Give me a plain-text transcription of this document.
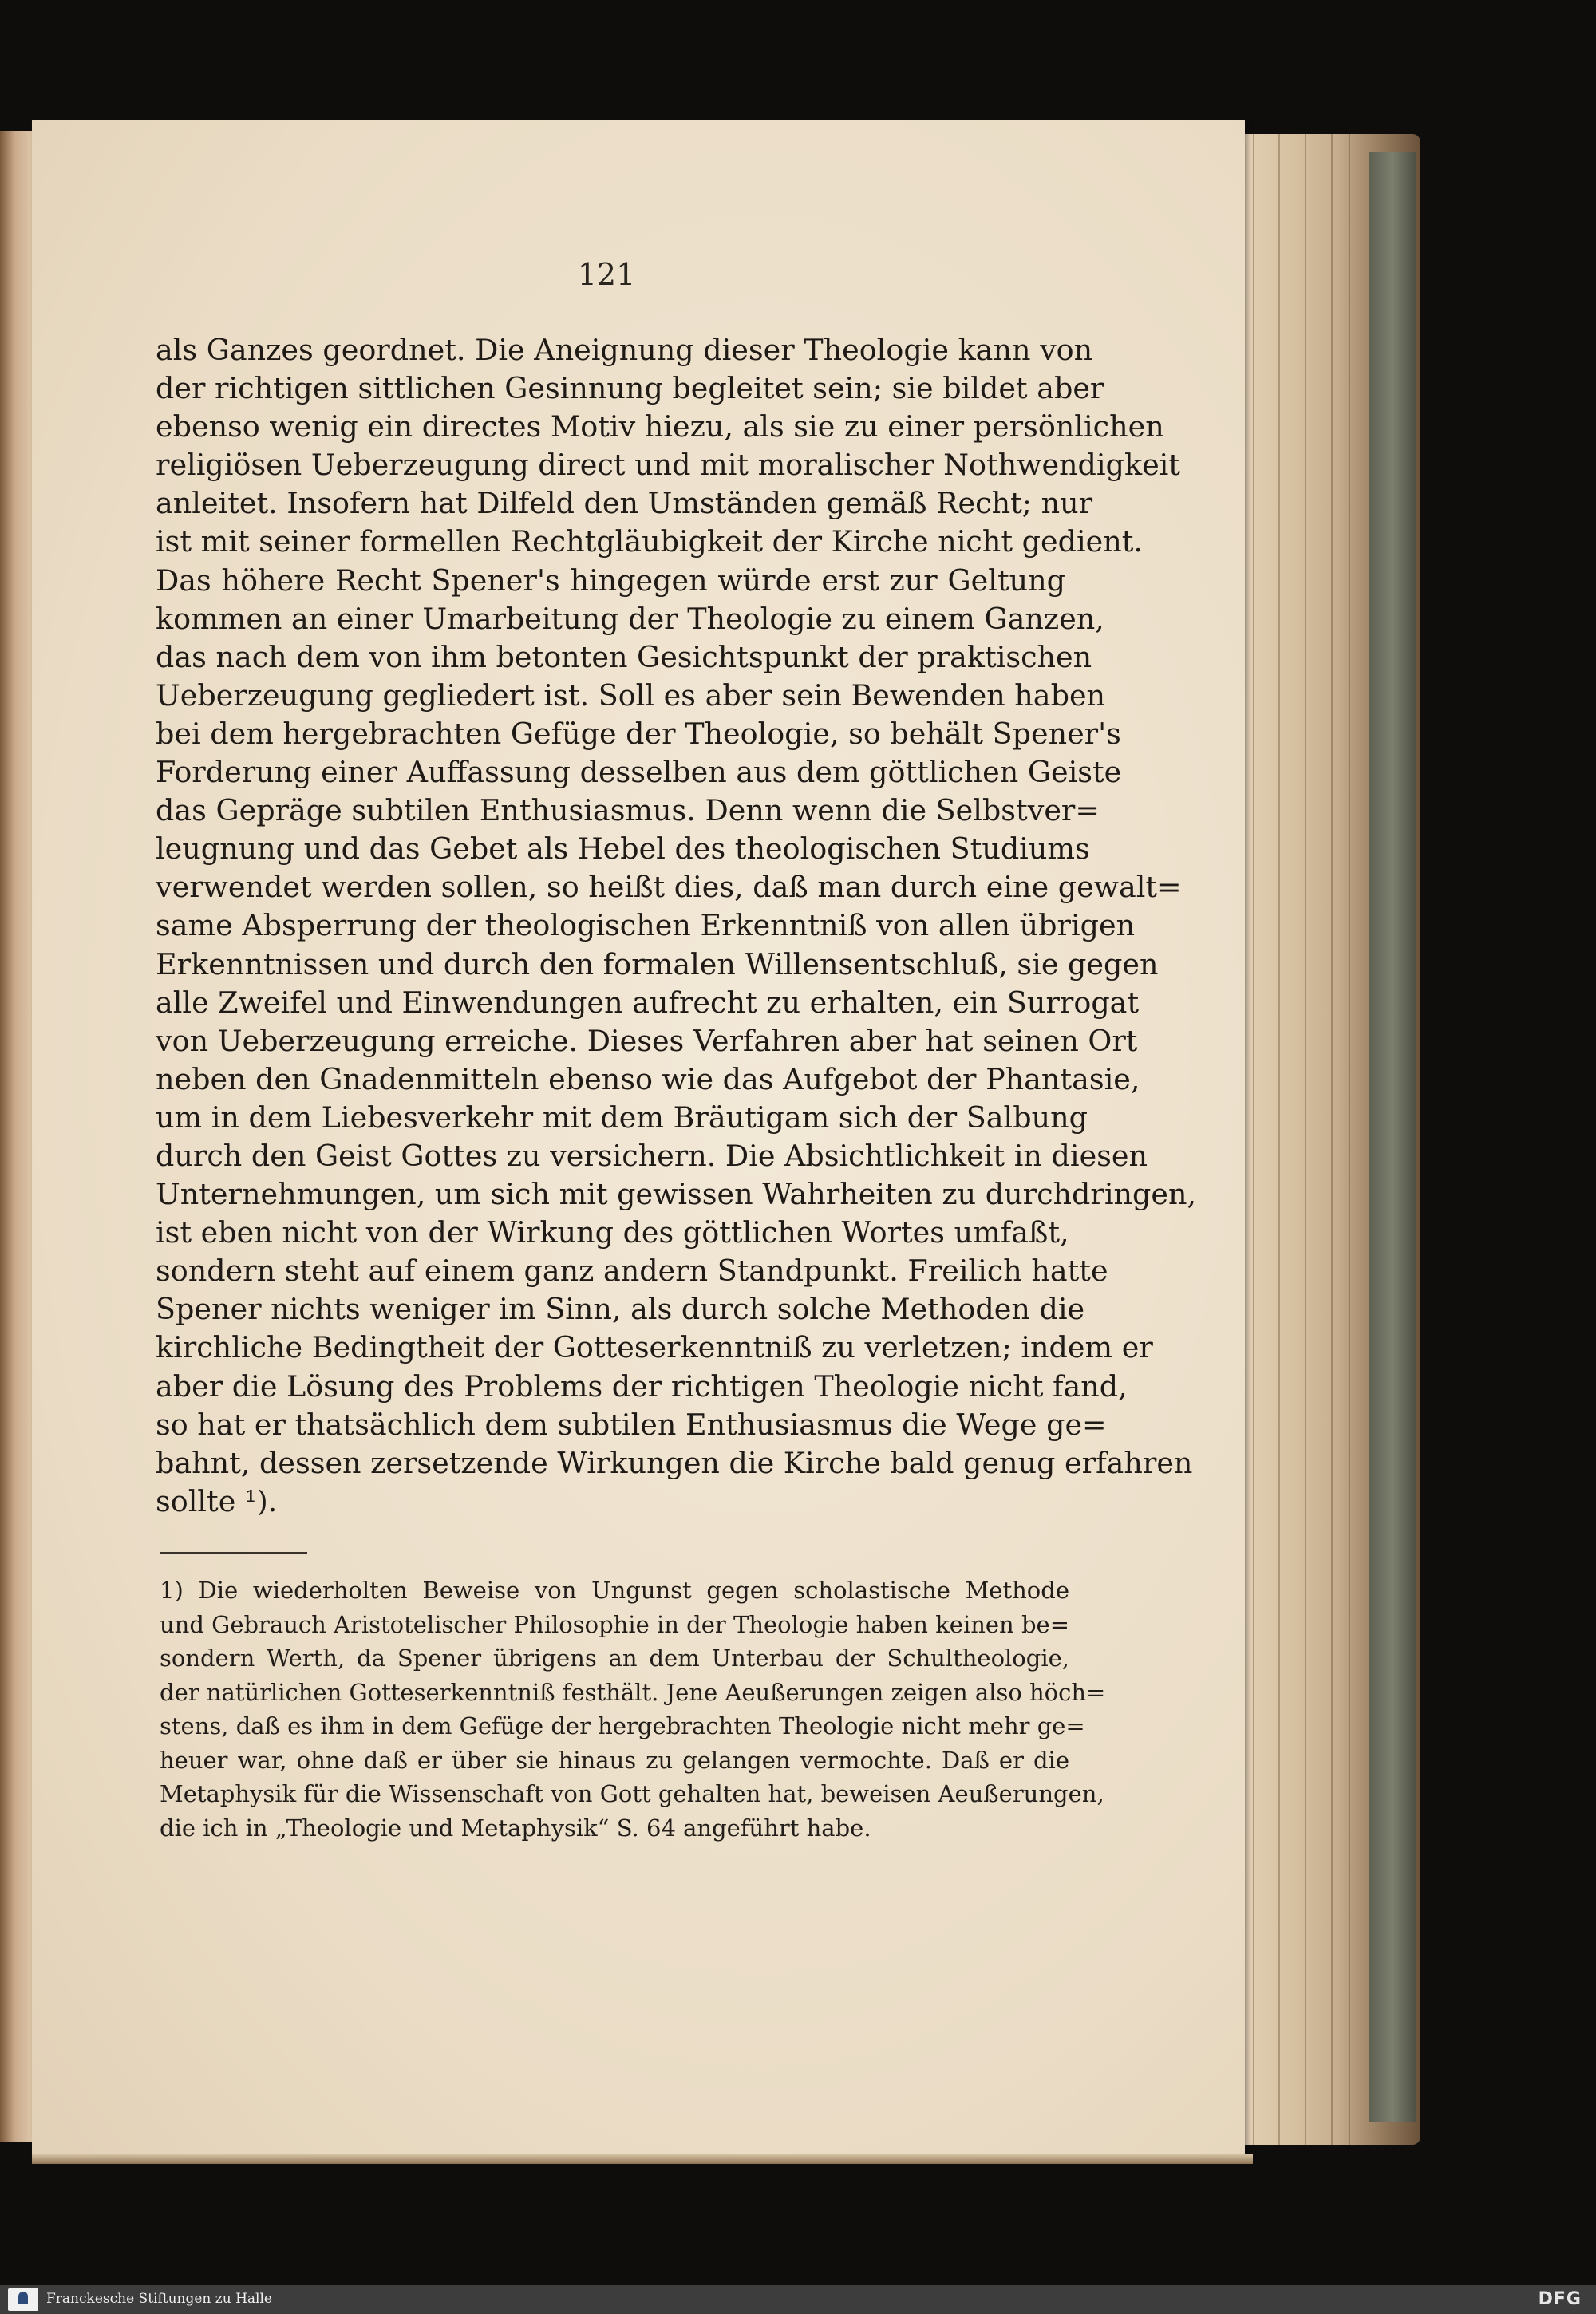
121
als Ganzes geordnet. Die Aneignung dieser Theologie kann von
der richtigen sittlichen Gesinnung begleitet sein; sie bildet aber
ebenso wenig ein directes Motiv hiezu, als sie zu einer persönlichen
religiösen Ueberzeugung direct und mit moralischer Nothwendigkeit
anleitet. Insofern hat Dilfeld den Umständen gemäß Recht; nur
ist mit seiner formellen Rechtgläubigkeit der Kirche nicht gedient.
Das höhere Recht Spener's hingegen würde erst zur Geltung
kommen an einer Umarbeitung der Theologie zu einem Ganzen,
das nach dem von ihm betonten Gesichtspunkt der praktischen
Ueberzeugung gegliedert ist. Soll es aber sein Bewenden haben
bei dem hergebrachten Gefüge der Theologie, so behält Spener's
Forderung einer Auffassung desselben aus dem göttlichen Geiste
das Gepräge subtilen Enthusiasmus. Denn wenn die Selbstver=
leugnung und das Gebet als Hebel des theologischen Studiums
verwendet werden sollen, so heißt dies, daß man durch eine gewalt=
same Absperrung der theologischen Erkenntniß von allen übrigen
Erkenntnissen und durch den formalen Willensentschluß, sie gegen
alle Zweifel und Einwendungen aufrecht zu erhalten, ein Surrogat
von Ueberzeugung erreiche. Dieses Verfahren aber hat seinen Ort
neben den Gnadenmitteln ebenso wie das Aufgebot der Phantasie,
um in dem Liebesverkehr mit dem Bräutigam sich der Salbung
durch den Geist Gottes zu versichern. Die Absichtlichkeit in diesen
Unternehmungen, um sich mit gewissen Wahrheiten zu durchdringen,
ist eben nicht von der Wirkung des göttlichen Wortes umfaßt,
sondern steht auf einem ganz andern Standpunkt. Freilich hatte
Spener nichts weniger im Sinn, als durch solche Methoden die
kirchliche Bedingtheit der Gotteserkenntniß zu verletzen; indem er
aber die Lösung des Problems der richtigen Theologie nicht fand,
so hat er thatsächlich dem subtilen Enthusiasmus die Wege ge=
bahnt, dessen zersetzende Wirkungen die Kirche bald genug erfahren
sollte ¹).
1) Die wiederholten Beweise von Ungunst gegen scholastische Methode
und Gebrauch Aristotelischer Philosophie in der Theologie haben keinen be=
sondern Werth, da Spener übrigens an dem Unterbau der Schultheologie,
der natürlichen Gotteserkenntniß festhält. Jene Aeußerungen zeigen also höch=
stens, daß es ihm in dem Gefüge der hergebrachten Theologie nicht mehr ge=
heuer war, ohne daß er über sie hinaus zu gelangen vermochte. Daß er die
Metaphysik für die Wissenschaft von Gott gehalten hat, beweisen Aeußerungen,
die ich in „Theologie und Metaphysik“ S. 64 angeführt habe.
Franckesche Stiftungen zu Halle	DFG
